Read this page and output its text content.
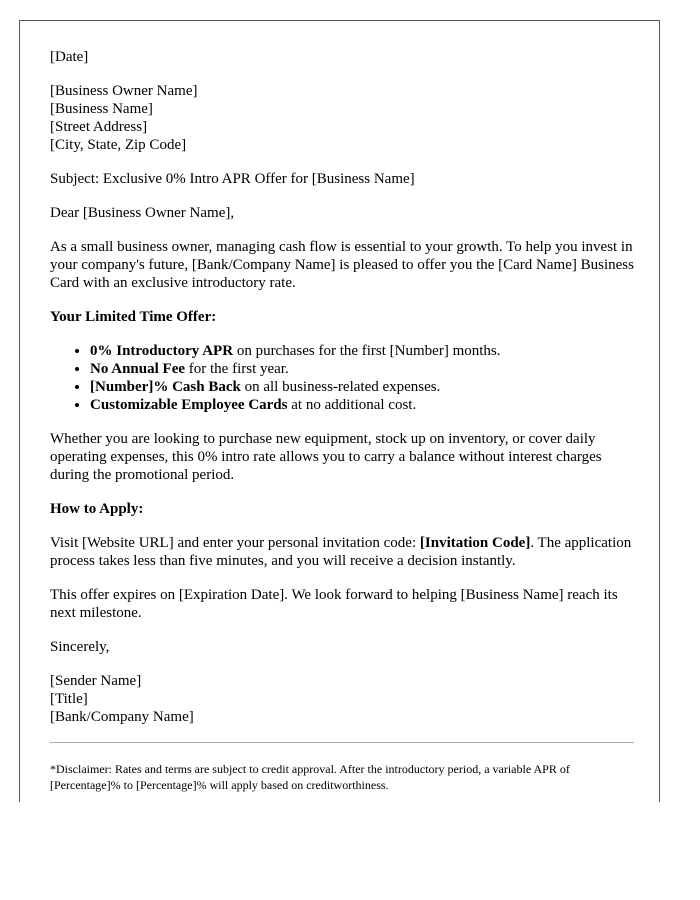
[Date]

[Business Owner Name]
[Business Name]
[Street Address]
[City, State, Zip Code]

Subject: Exclusive 0% Intro APR Offer for [Business Name]

Dear [Business Owner Name],

As a small business owner, managing cash flow is essential to your growth. To help you invest in your company's future, [Bank/Company Name] is pleased to offer you the [Card Name] Business Card with an exclusive introductory rate.

Your Limited Time Offer:
• 0% Introductory APR on purchases for the first [Number] months.
• No Annual Fee for the first year.
• [Number]% Cash Back on all business-related expenses.
• Customizable Employee Cards at no additional cost.

Whether you are looking to purchase new equipment, stock up on inventory, or cover daily operating expenses, this 0% intro rate allows you to carry a balance without interest charges during the promotional period.

How to Apply:

Visit [Website URL] and enter your personal invitation code: [Invitation Code]. The application process takes less than five minutes, and you will receive a decision instantly.

This offer expires on [Expiration Date]. We look forward to helping [Business Name] reach its next milestone.

Sincerely,

[Sender Name]
[Title]
[Bank/Company Name]

*Disclaimer: Rates and terms are subject to credit approval. After the introductory period, a variable APR of [Percentage]% to [Percentage]% will apply based on creditworthiness.
